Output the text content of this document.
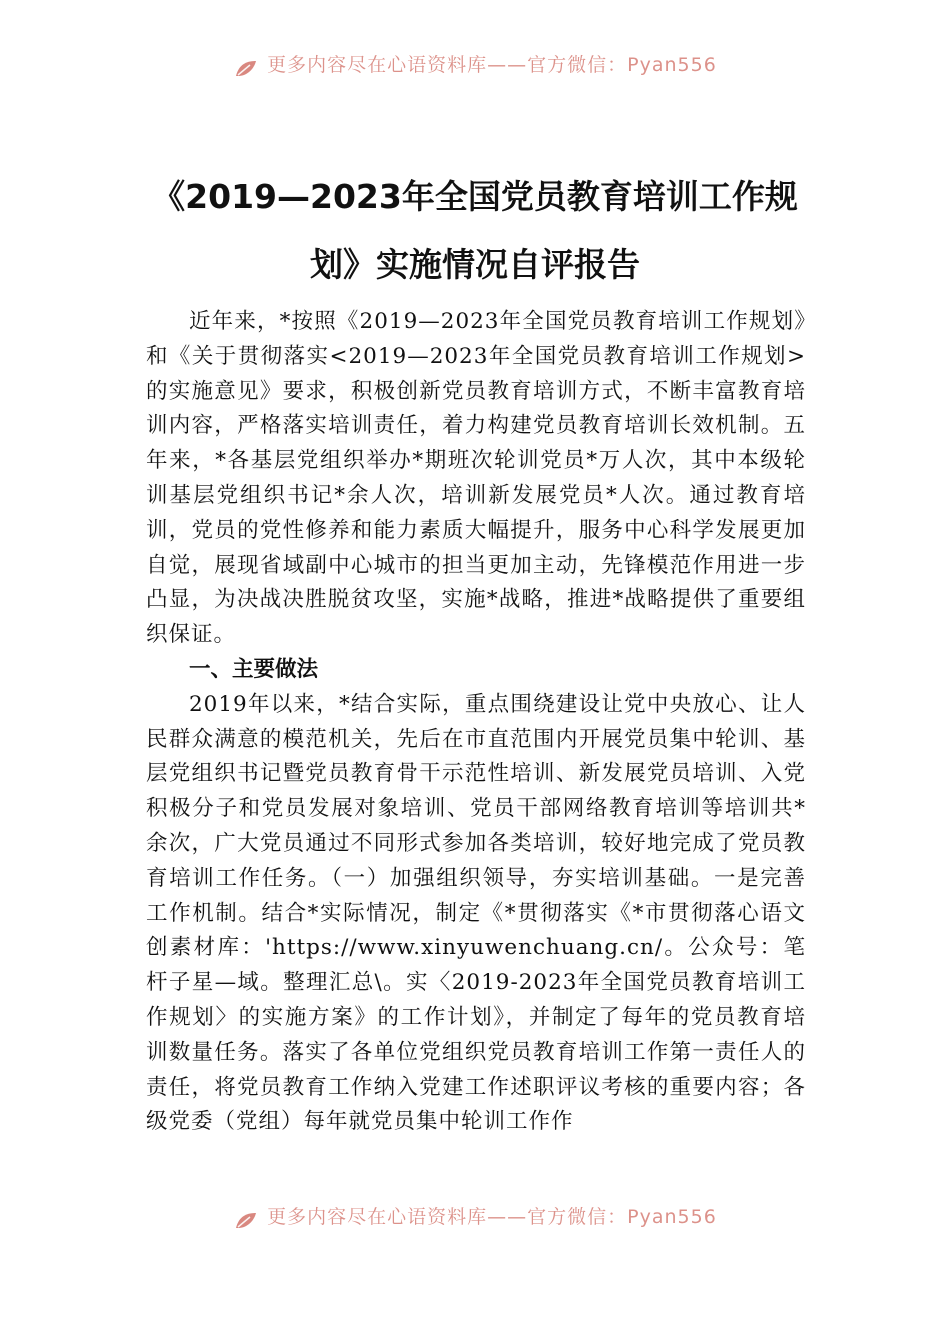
更多内容尽在心语资料库——官方微信：Pyan556
《2019—2023年全国党员教育培训工作规
划》实施情况自评报告

近年来，*按照《2019—2023年全国党员教育培训工作规划》和《关于贯彻落实<2019—2023年全国党员教育培训工作规划>的实施意见》要求，积极创新党员教育培训方式，不断丰富教育培训内容，严格落实培训责任，着力构建党员教育培训长效机制。五年来，*各基层党组织举办*期班次轮训党员*万人次，其中本级轮训基层党组织书记*余人次，培训新发展党员*人次。通过教育培训，党员的党性修养和能力素质大幅提升，服务中心科学发展更加自觉，展现省域副中心城市的担当更加主动，先锋模范作用进一步凸显，为决战决胜脱贫攻坚，实施*战略，推进*战略提供了重要组织保证。

一、主要做法

2019年以来，*结合实际，重点围绕建设让党中央放心、让人民群众满意的模范机关，先后在市直范围内开展党员集中轮训、基层党组织书记暨党员教育骨干示范性培训、新发展党员培训、入党积极分子和党员发展对象培训、党员干部网络教育培训等培训共*余次，广大党员通过不同形式参加各类培训，较好地完成了党员教育培训工作任务。（一）加强组织领导，夯实培训基础。一是完善工作机制。结合*实际情况，制定《*贯彻落实《*市贯彻落心语文创素材库：'https://www.xinyuwenchuang.cn/。公众号：笔杆子星—域。整理汇总\。实〈2019-2023年全国党员教育培训工作规划〉的实施方案》的工作计划》，并制定了每年的党员教育培训数量任务。落实了各单位党组织党员教育培训工作第一责任人的责任，将党员教育工作纳入党建工作述职评议考核的重要内容；各级党委（党组）每年就党员集中轮训工作作

更多内容尽在心语资料库——官方微信：Pyan556
